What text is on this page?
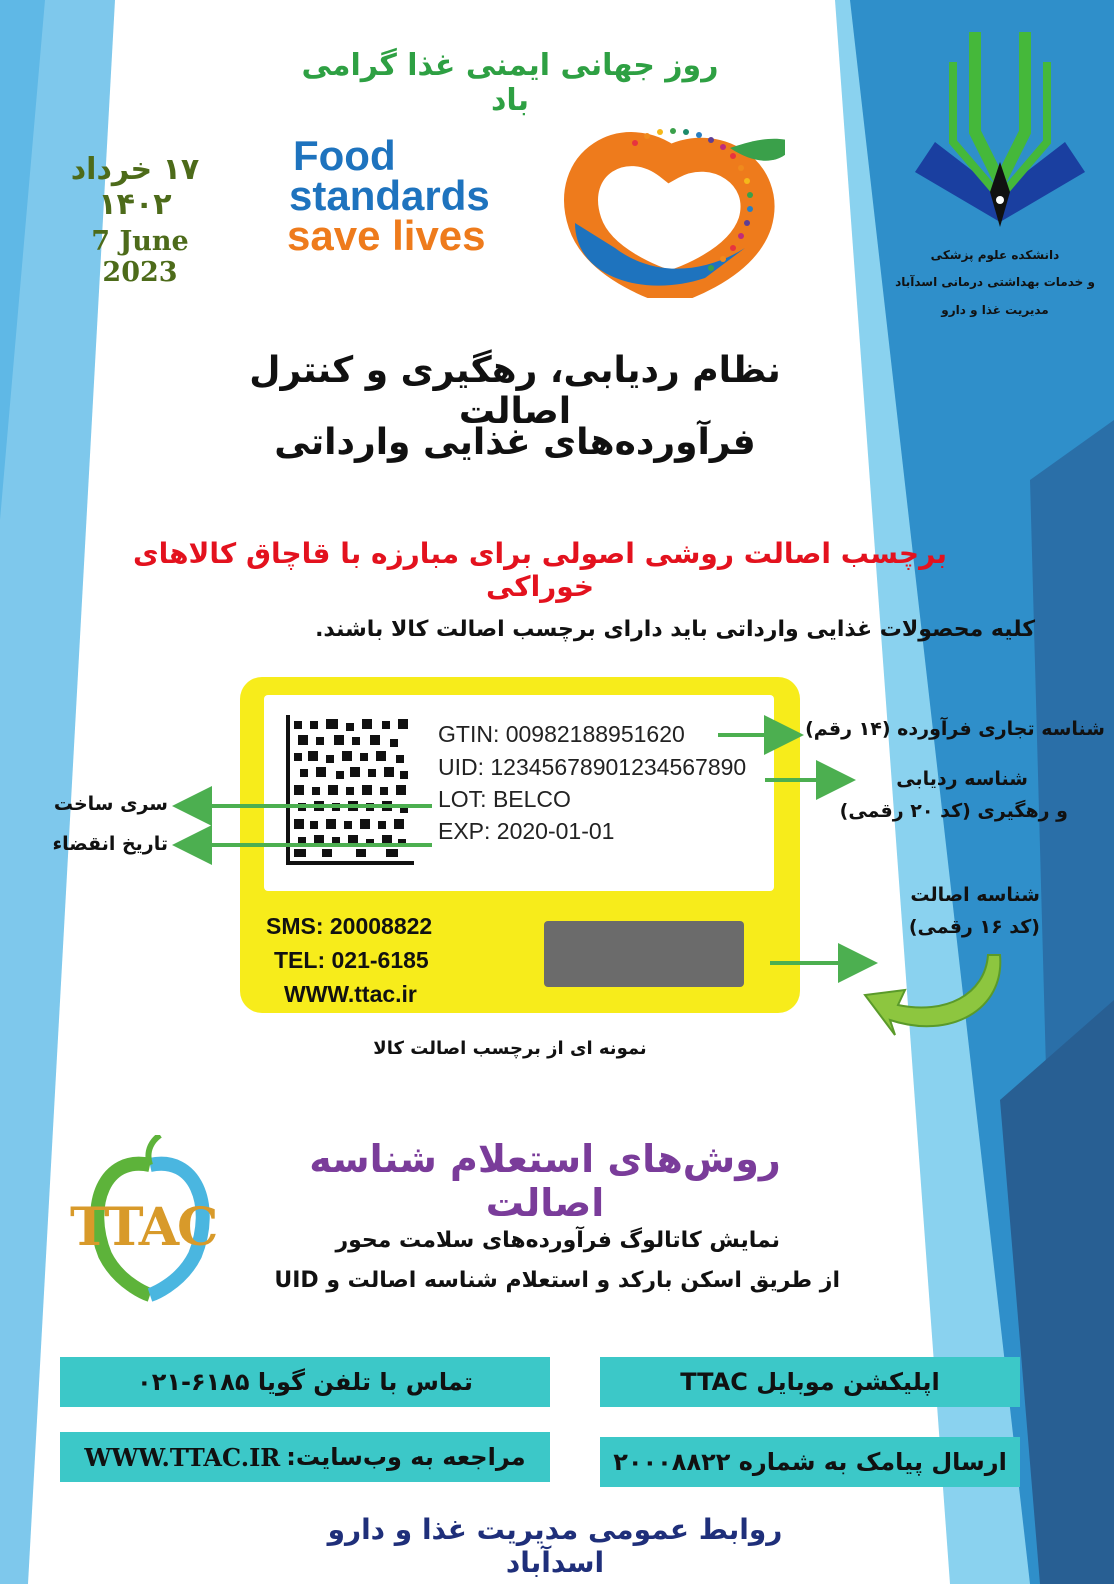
روز جهانی ایمنی غذا گرامی باد
۱۷ خرداد ۱۴۰۲
7 June 2023
Food
standards
save lives	دانشکده علوم پزشکی
و خدمات بهداشتی درمانی اسدآباد
مدیریت غذا و دارو
نظام ردیابی، رهگیری و کنترل اصالت
فرآورده‌های غذایی وارداتی
برچسب اصالت روشی اصولی برای مبارزه با قاچاق کالاهای خوراکی
کلیه محصولات غذایی وارداتی باید دارای برچسب اصالت کالا باشند.
GTIN: 00982188951620
UID: 12345678901234567890
LOT: BELCO
EXP: 2020-01-01
SMS: 20008822
TEL: 021-6185
WWW.ttac.ir
نمونه ای از برچسب اصالت کالا
شناسه تجاری فرآورده (۱۴ رقم)
شناسه ردیابی
و رهگیری (کد ۲۰ رقمی)
سری ساخت
تاریخ انقضاء
شناسه اصالت
(کد ۱۶ رقمی)
TTAC
روش‌های استعلام شناسه اصالت
نمایش کاتالوگ فرآورده‌های سلامت محور
از طریق اسکن بارکد و استعلام شناسه اصالت و UID
تماس با تلفن گویا ۶۱۸۵-۰۲۱	اپلیکشن موبایل TTAC
مراجعه به وب‌سایت:
WWW.TTAC.IR	ارسال پیامک به شماره ۲۰۰۰۸۸۲۲
روابط عمومی مدیریت غذا و دارو اسدآباد
